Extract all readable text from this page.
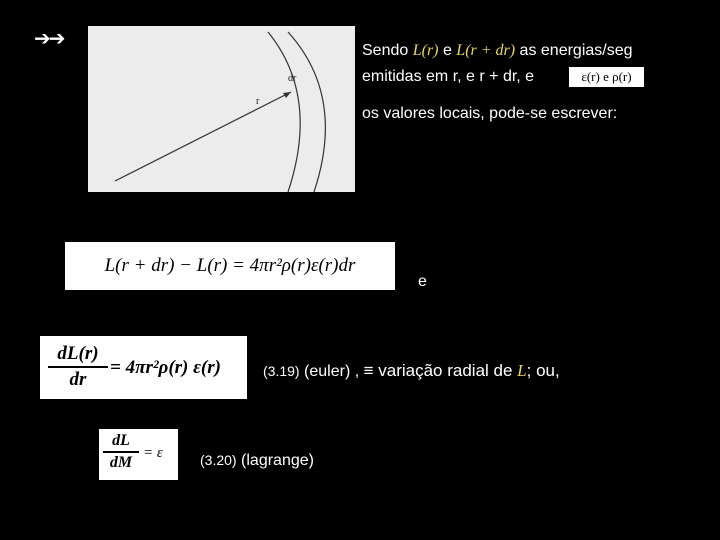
➔➔
dr
r
Sendo L(r) e L(r + dr) as energias/seg
emitidas em r, e r + dr, e	ε(r) e ρ(r)
os valores locais, pode-se escrever:
L(r + dr) − L(r) = 4πr²ρ(r)ε(r)dr
e
dL(r)
dr
= 4πr²ρ(r) ε(r)	(3.19) (euler) , ≡ variação radial de L; ou,
dL
dM
= ε	(3.20) (lagrange)
